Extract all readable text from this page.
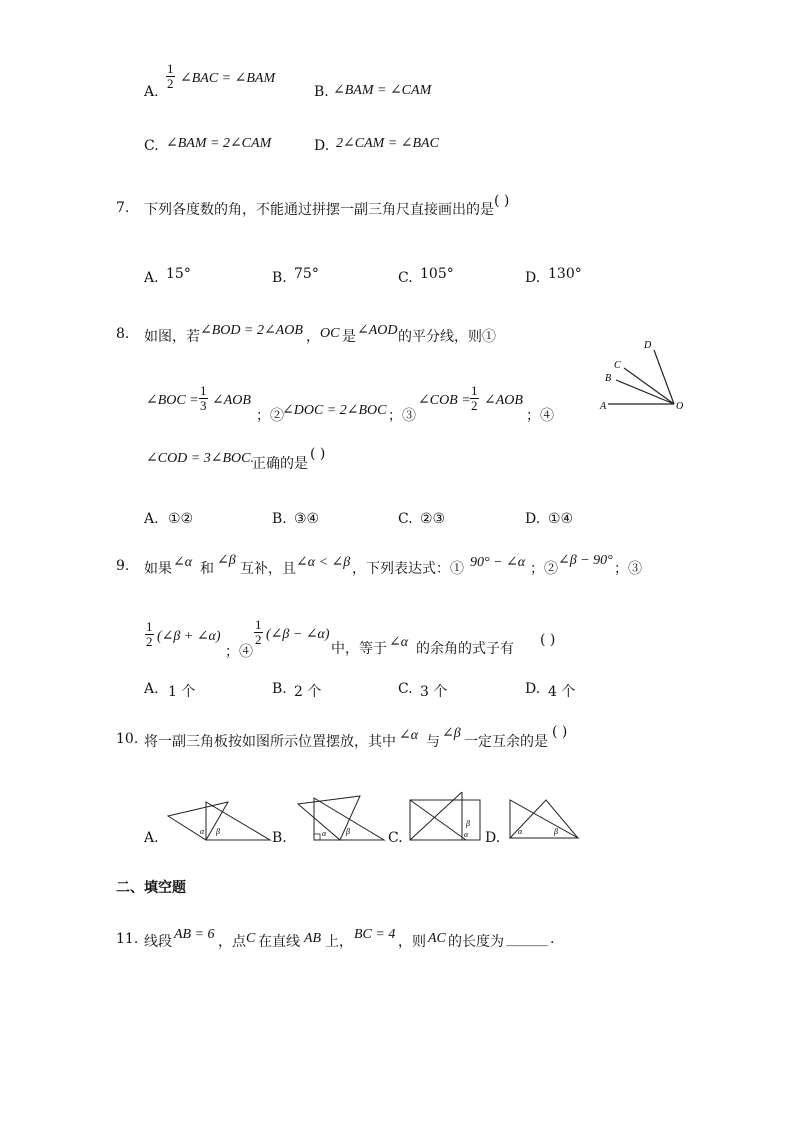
A.
$\frac{1}{2}$ ∠BAC = ∠BAM
B. ∠BAM = ∠CAM
C. ∠BAM = 2∠CAM	D. 2∠CAM = ∠BAC
7. 下列各度数的角，不能通过拼摆一副三角尺直接画出的是
( )
A. 15°	B. 75°	C. 105°	D. 130°
8. 如图，若 ∠BOD = 2∠AOB ， OC 是 ∠AOD 的平分线，则①
∠BOC = $\frac{1}{3}$ ∠AOB
；②
∠DOC = 2∠BOC ；③
∠COB = $\frac{1}{2}$ ∠AOB
；④
∠COD = 3∠BOC.
正确的是
( )
D
C
B
A	O
A. ①②	B. ③④	C. ②③	D. ①④
9. 如果 ∠α 和
∠β
互补，且 ∠α < ∠β ，下列表达式：① 90° − ∠α ；②
∠β − 90°
；③
$\frac{1}{2}$ (∠β + ∠α)
；④
$\frac{1}{2}$ (∠β − ∠α)
中，等于 ∠α 的余角的式子有
( )
A. 1 个	B. 2 个	C. 3 个	D. 4 个
10. 将一副三角板按如图所示位置摆放，其中 ∠α 与
∠β
一定互余的是
( )
A.	α β	B.	α β	C.
β
α D. α	β
二、填空题
11. 线段 AB = 6 ，点 C 在直线 AB 上， BC = 4 ，则 AC 的长度为 ______ .
